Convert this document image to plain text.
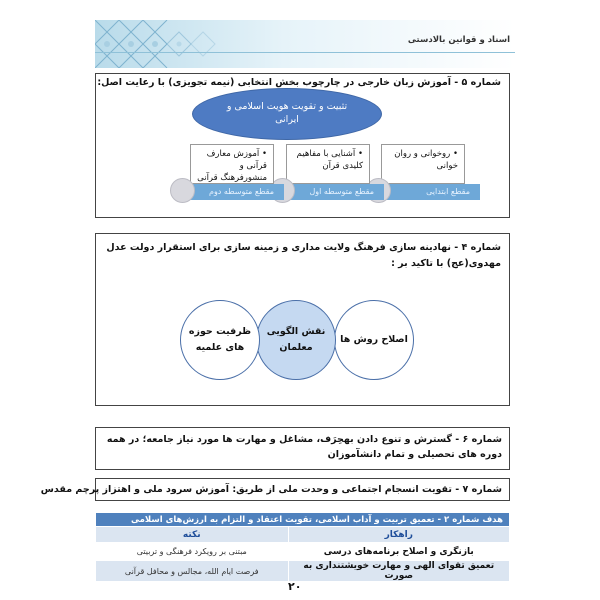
اسناد و قوانین بالادستی
شماره ۵ - آموزش زبان خارجی در چارچوب بخش انتخابی (نیمه تجویزی) با رعایت اصل:
تثبیت و تقویت هویت اسلامی و ایرانی
• روخوانی و روان خوانی
مقطع ابتدایی
• آشنایی با مفاهیم کلیدی قرآن
مقطع متوسطه اول
• آموزش معارف قرآنی و منشورفرهنگ قرآنی
مقطع متوسطه دوم
شماره ۴ - نهادینه سازی فرهنگ ولایت مداری و زمینه سازی برای استقرار دولت عدل مهدوی(عج) با تاکید بر :
اصلاح روش ها
نقش الگویی معلمان
ظرفیت حوزه های علمیه
شماره ۶ - گسترش و تنوع دادن بهحِرَف، مشاغل و مهارت ها مورد نیاز جامعه؛ در همه دوره های تحصیلی و تمام دانشآموزان
شماره ۷ - تقویت انسجام اجتماعی و وحدت ملی از طریق: آموزش سرود ملی و اهتزاز پرچم مقدس
هدف شماره ۲ - تعمیق تربیت و آداب اسلامی، تقویت اعتقاد و التزام به ارزش‌های اسلامی	
راهکار	نکته
بازنگری و اصلاح برنامه‌های درسی	مبتنی بر رویکرد فرهنگی و تربیتی
تعمیق تقوای الهی و مهارت خویشتنداری به صورت	فرصت ایام الله، مجالس و محافل قرآنی
۲۰
